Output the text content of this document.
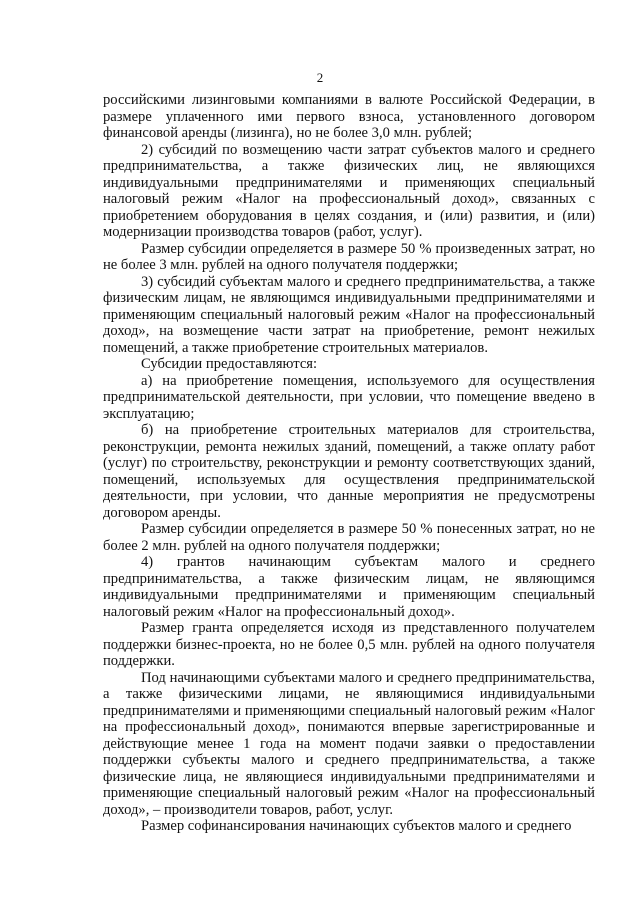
2

российскими лизинговыми компаниями в валюте Российской Федерации, в размере уплаченного ими первого взноса, установленного договором финансовой аренды (лизинга), но не более 3,0 млн. рублей;

2) субсидий по возмещению части затрат субъектов малого и среднего предпринимательства, а также физических лиц, не являющихся индивидуальными предпринимателями и применяющих специальный налоговый режим «Налог на профессиональный доход», связанных с приобретением оборудования в целях создания, и (или) развития, и (или) модернизации производства товаров (работ, услуг).

Размер субсидии определяется в размере 50 % произведенных затрат, но не более 3 млн. рублей на одного получателя поддержки;

3) субсидий субъектам малого и среднего предпринимательства, а также физическим лицам, не являющимся индивидуальными предпринимателями и применяющим специальный налоговый режим «Налог на профессиональный доход», на возмещение части затрат на приобретение, ремонт нежилых помещений, а также приобретение строительных материалов.

Субсидии предоставляются:

а) на приобретение помещения, используемого для осуществления предпринимательской деятельности, при условии, что помещение введено в эксплуатацию;

б) на приобретение строительных материалов для строительства, реконструкции, ремонта нежилых зданий, помещений, а также оплату работ (услуг) по строительству, реконструкции и ремонту соответствующих зданий, помещений, используемых для осуществления предпринимательской деятельности, при условии, что данные мероприятия не предусмотрены договором аренды.

Размер субсидии определяется в размере 50 % понесенных затрат, но не более 2 млн. рублей на одного получателя поддержки;

4) грантов начинающим субъектам малого и среднего предпринимательства, а также физическим лицам, не являющимся индивидуальными предпринимателями и применяющим специальный налоговый режим «Налог на профессиональный доход».

Размер гранта определяется исходя из представленного получателем поддержки бизнес-проекта, но не более 0,5 млн. рублей на одного получателя поддержки.

Под начинающими субъектами малого и среднего предпринимательства, а также физическими лицами, не являющимися индивидуальными предпринимателями и применяющими специальный налоговый режим «Налог на профессиональный доход», понимаются впервые зарегистрированные и действующие менее 1 года на момент подачи заявки о предоставлении поддержки субъекты малого и среднего предпринимательства, а также физические лица, не являющиеся индивидуальными предпринимателями и применяющие специальный налоговый режим «Налог на профессиональный доход», – производители товаров, работ, услуг.

Размер софинансирования начинающих субъектов малого и среднего
